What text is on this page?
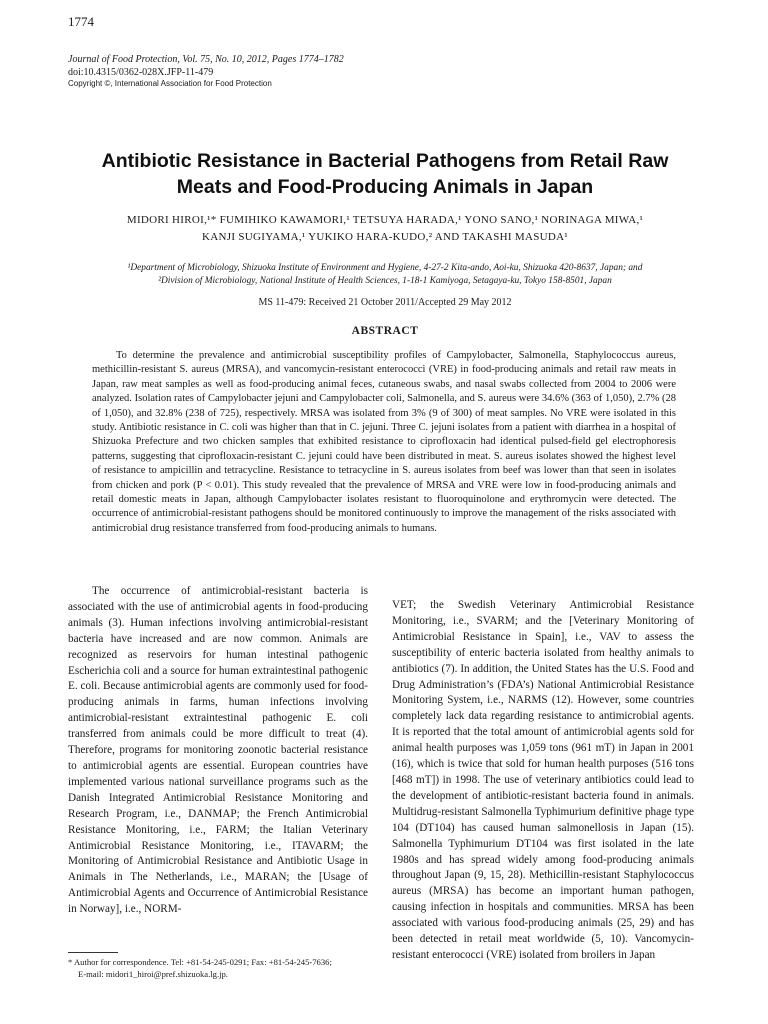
1774
Journal of Food Protection, Vol. 75, No. 10, 2012, Pages 1774–1782
doi:10.4315/0362-028X.JFP-11-479
Copyright ©, International Association for Food Protection
Antibiotic Resistance in Bacterial Pathogens from Retail Raw
Meats and Food-Producing Animals in Japan
MIDORI HIROI,¹* FUMIHIKO KAWAMORI,¹ TETSUYA HARADA,¹ YONO SANO,¹ NORINAGA MIWA,¹
KANJI SUGIYAMA,¹ YUKIKO HARA-KUDO,² AND TAKASHI MASUDA¹
¹Department of Microbiology, Shizuoka Institute of Environment and Hygiene, 4-27-2 Kita-ando, Aoi-ku, Shizuoka 420-8637, Japan; and
²Division of Microbiology, National Institute of Health Sciences, 1-18-1 Kamiyoga, Setagaya-ku, Tokyo 158-8501, Japan
MS 11-479: Received 21 October 2011/Accepted 29 May 2012
ABSTRACT

To determine the prevalence and antimicrobial susceptibility profiles of Campylobacter, Salmonella, Staphylococcus aureus, methicillin-resistant S. aureus (MRSA), and vancomycin-resistant enterococci (VRE) in food-producing animals and retail raw meats in Japan, raw meat samples as well as food-producing animal feces, cutaneous swabs, and nasal swabs collected from 2004 to 2006 were analyzed. Isolation rates of Campylobacter jejuni and Campylobacter coli, Salmonella, and S. aureus were 34.6% (363 of 1,050), 2.7% (28 of 1,050), and 32.8% (238 of 725), respectively. MRSA was isolated from 3% (9 of 300) of meat samples. No VRE were isolated in this study. Antibiotic resistance in C. coli was higher than that in C. jejuni. Three C. jejuni isolates from a patient with diarrhea in a hospital of Shizuoka Prefecture and two chicken samples that exhibited resistance to ciprofloxacin had identical pulsed-field gel electrophoresis patterns, suggesting that ciprofloxacin-resistant C. jejuni could have been distributed in meat. S. aureus isolates showed the highest level of resistance to ampicillin and tetracycline. Resistance to tetracycline in S. aureus isolates from beef was lower than that seen in isolates from chicken and pork (P < 0.01). This study revealed that the prevalence of MRSA and VRE were low in food-producing animals and retail domestic meats in Japan, although Campylobacter isolates resistant to fluoroquinolone and erythromycin were detected. The occurrence of antimicrobial-resistant pathogens should be monitored continuously to improve the management of the risks associated with antimicrobial drug resistance transferred from food-producing animals to humans.

The occurrence of antimicrobial-resistant bacteria is associated with the use of antimicrobial agents in food-producing animals (3). Human infections involving antimicrobial-resistant bacteria have increased and are now common. Animals are recognized as reservoirs for human intestinal pathogenic Escherichia coli and a source for human extraintestinal pathogenic E. coli. Because antimicrobial agents are commonly used for food-producing animals in farms, human infections involving antimicrobial-resistant extraintestinal pathogenic E. coli transferred from animals could be more difficult to treat (4). Therefore, programs for monitoring zoonotic bacterial resistance to antimicrobial agents are essential. European countries have implemented various national surveillance programs such as the Danish Integrated Antimicrobial Resistance Monitoring and Research Program, i.e., DANMAP; the French Antimicrobial Resistance Monitoring, i.e., FARM; the Italian Veterinary Antimicrobial Resistance Monitoring, i.e., ITAVARM; the Monitoring of Antimicrobial Resistance and Antibiotic Usage in Animals in The Netherlands, i.e., MARAN; the [Usage of Antimicrobial Agents and Occurrence of Antimicrobial Resistance in Norway], i.e., NORM-

VET; the Swedish Veterinary Antimicrobial Resistance Monitoring, i.e., SVARM; and the [Veterinary Monitoring of Antimicrobial Resistance in Spain], i.e., VAV to assess the susceptibility of enteric bacteria isolated from healthy animals to antibiotics (7). In addition, the United States has the U.S. Food and Drug Administration’s (FDA’s) National Antimicrobial Resistance Monitoring System, i.e., NARMS (12). However, some countries completely lack data regarding resistance to antimicrobial agents. It is reported that the total amount of antimicrobial agents sold for animal health purposes was 1,059 tons (961 mT) in Japan in 2001 (16), which is twice that sold for human health purposes (516 tons [468 mT]) in 1998. The use of veterinary antibiotics could lead to the development of antibiotic-resistant bacteria found in animals. Multidrug-resistant Salmonella Typhimurium definitive phage type 104 (DT104) has caused human salmonellosis in Japan (15). Salmonella Typhimurium DT104 was first isolated in the late 1980s and has spread widely among food-producing animals throughout Japan (9, 15, 28). Methicillin-resistant Staphylococcus aureus (MRSA) has become an important human pathogen, causing infection in hospitals and communities. MRSA has been associated with various food-producing animals (25, 29) and has been detected in retail meat worldwide (5, 10). Vancomycin-resistant enterococci (VRE) isolated from broilers in Japan

* Author for correspondence. Tel: +81-54-245-0291; Fax: +81-54-245-7636;
E-mail: midori1_hiroi@pref.shizuoka.lg.jp.
